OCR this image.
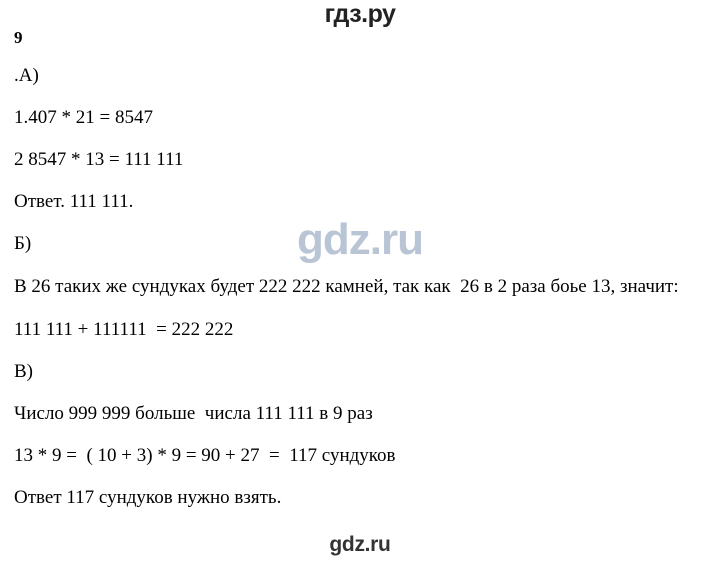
гдз.ру
9
.А)
1.407 * 21 = 8547
2 8547 * 13 = 111 111
Ответ. 111 111.
Б)
В 26 таких же сундуках будет 222 222 камней, так как  26 в 2 раза боье 13, значит:
111 111 + 111111  = 222 222
В)
Число 999 999 больше  числа 111 111 в 9 раз
13 * 9 =  ( 10 + 3) * 9 = 90 + 27  =  117 сундуков
Ответ 117 сундуков нужно взять.
gdz.ru
gdz.ru
